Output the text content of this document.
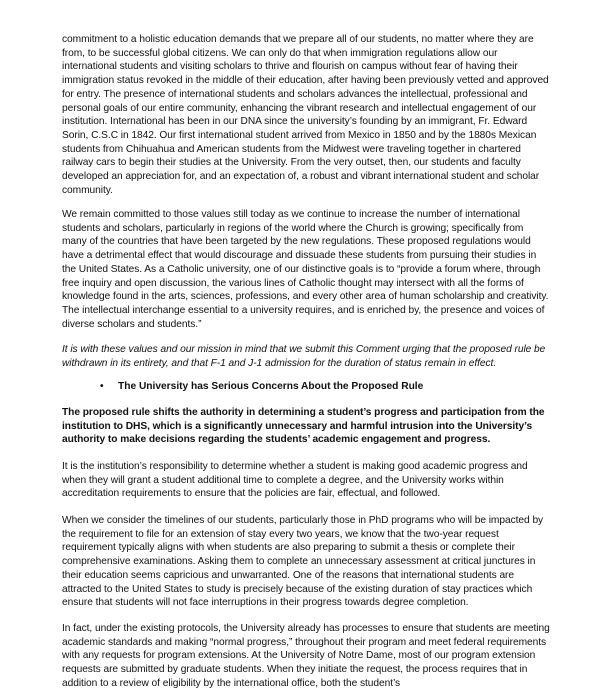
commitment to a holistic education demands that we prepare all of our students, no matter where they are from, to be successful global citizens. We can only do that when immigration regulations allow our international students and visiting scholars to thrive and flourish on campus without fear of having their immigration status revoked in the middle of their education, after having been previously vetted and approved for entry. The presence of international students and scholars advances the intellectual, professional and personal goals of our entire community, enhancing the vibrant research and intellectual engagement of our institution. International has been in our DNA since the university’s founding by an immigrant, Fr. Edward Sorin, C.S.C in 1842. Our first international student arrived from Mexico in 1850 and by the 1880s Mexican students from Chihuahua and American students from the Midwest were traveling together in chartered railway cars to begin their studies at the University. From the very outset, then, our students and faculty developed an appreciation for, and an expectation of, a robust and vibrant international student and scholar community.

We remain committed to those values still today as we continue to increase the number of international students and scholars, particularly in regions of the world where the Church is growing; specifically from many of the countries that have been targeted by the new regulations. These proposed regulations would have a detrimental effect that would discourage and dissuade these students from pursuing their studies in the United States. As a Catholic university, one of our distinctive goals is to “provide a forum where, through free inquiry and open discussion, the various lines of Catholic thought may intersect with all the forms of knowledge found in the arts, sciences, professions, and every other area of human scholarship and creativity. The intellectual interchange essential to a university requires, and is enriched by, the presence and voices of diverse scholars and students.”

It is with these values and our mission in mind that we submit this Comment urging that the proposed rule be withdrawn in its entirety, and that F-1 and J-1 admission for the duration of status remain in effect.

•	The University has Serious Concerns About the Proposed Rule

The proposed rule shifts the authority in determining a student’s progress and participation from the institution to DHS, which is a significantly unnecessary and harmful intrusion into the University’s authority to make decisions regarding the students’ academic engagement and progress.

It is the institution’s responsibility to determine whether a student is making good academic progress and when they will grant a student additional time to complete a degree, and the University works within accreditation requirements to ensure that the policies are fair, effectual, and followed.

When we consider the timelines of our students, particularly those in PhD programs who will be impacted by the requirement to file for an extension of stay every two years, we know that the two-year request requirement typically aligns with when students are also preparing to submit a thesis or complete their comprehensive examinations. Asking them to complete an unnecessary assessment at critical junctures in their education seems capricious and unwarranted. One of the reasons that international students are attracted to the United States to study is precisely because of the existing duration of stay practices which ensure that students will not face interruptions in their progress towards degree completion.

In fact, under the existing protocols, the University already has processes to ensure that students are meeting academic standards and making “normal progress,” throughout their program and meet federal requirements with any requests for program extensions. At the University of Notre Dame, most of our program extension requests are submitted by graduate students. When they initiate the request, the process requires that in addition to a review of eligibility by the international office, both the student’s
